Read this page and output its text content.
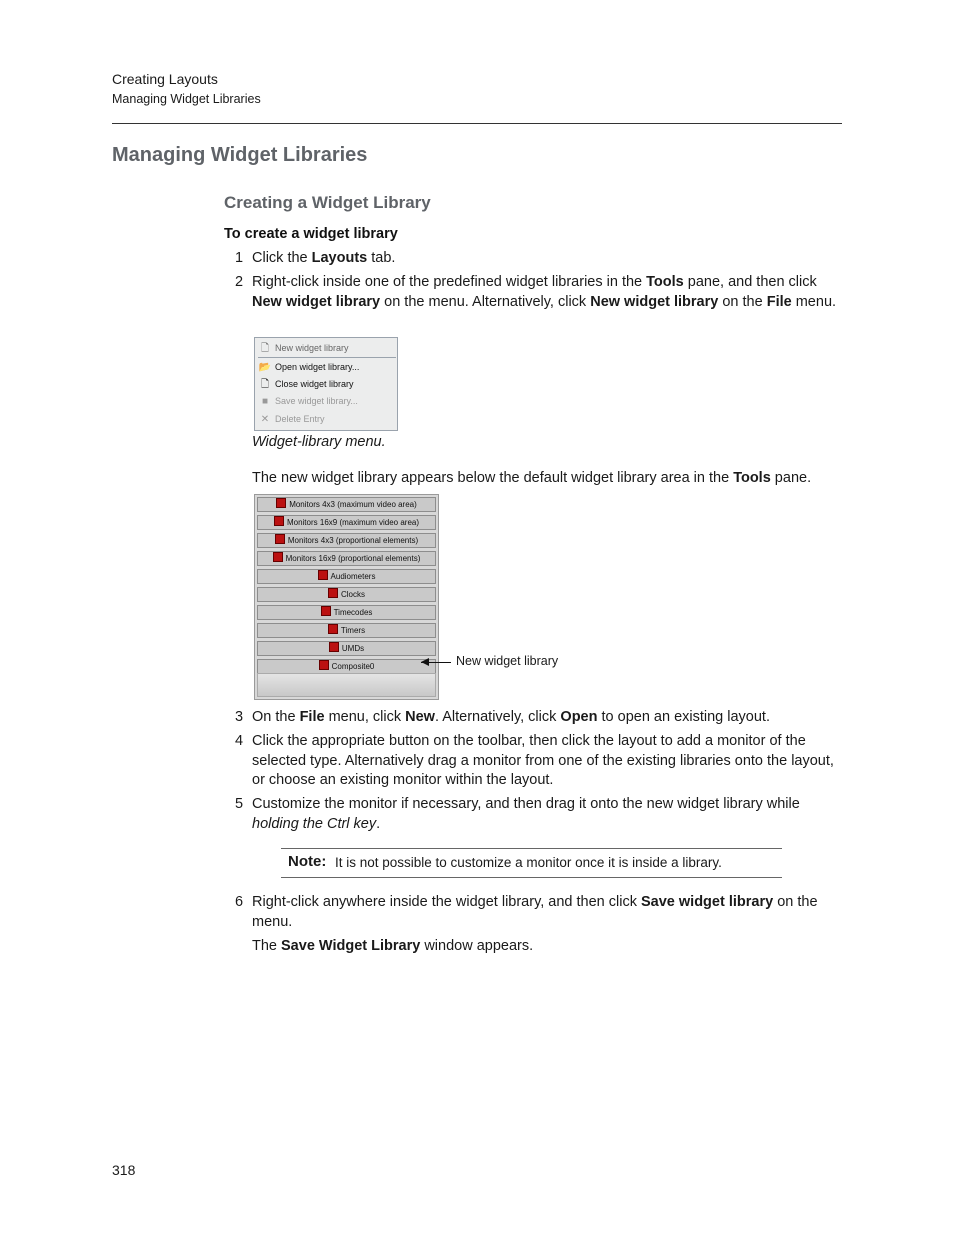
Creating Layouts
Managing Widget Libraries
Managing Widget Libraries
Creating a Widget Library
To create a widget library
1 Click the Layouts tab.
2 Right-click inside one of the predefined widget libraries in the Tools pane, and then click New widget library on the menu. Alternatively, click New widget library on the File menu.
🗋 New widget library
📂 Open widget library...
🗋 Close widget library
■ Save widget library...
✕ Delete Entry
Widget-library menu.
The new widget library appears below the default widget library area in the Tools pane.
Monitors 4x3 (maximum video area)
Monitors 16x9 (maximum video area)
Monitors 4x3 (proportional elements)
Monitors 16x9 (proportional elements)
Audiometers
Clocks
Timecodes
Timers
UMDs
Composite0	New widget library
3 On the File menu, click New. Alternatively, click Open to open an existing layout.
4 Click the appropriate button on the toolbar, then click the layout to add a monitor of the selected type. Alternatively drag a monitor from one of the existing libraries onto the layout, or choose an existing monitor within the layout.
5 Customize the monitor if necessary, and then drag it onto the new widget library while holding the Ctrl key.
Note: It is not possible to customize a monitor once it is inside a library.
6 Right-click anywhere inside the widget library, and then click Save widget library on the menu.
The Save Widget Library window appears.
318
